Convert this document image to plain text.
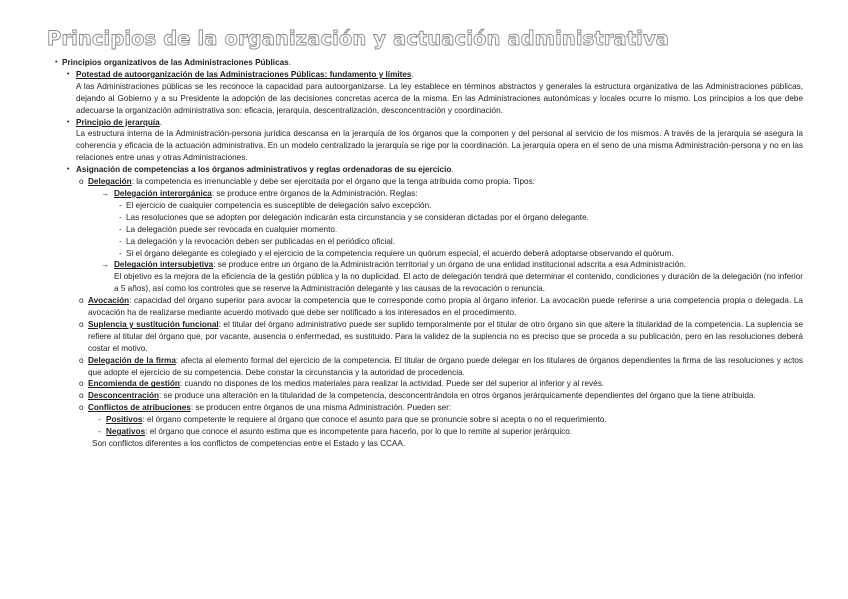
Principios de la organización y actuación administrativa
• Principios organizativos de las Administraciones Públicas.
• Potestad de autoorganización de las Administraciones Públicas: fundamento y límites.

A las Administraciones públicas se les reconoce la capacidad para autoorganizarse. La ley establece en términos abstractos y generales la estructura organizativa de las Administraciones públicas, dejando al Gobierno y a su Presidente la adopción de las decisiones concretas acerca de la misma. En las Administraciones autonómicas y locales ocurre lo mismo. Los principios a los que debe adecuarse la organización administrativa son: eficacia, jerarquía, descentralización, desconcentración y coordinación.

• Principio de jerarquía.

La estructura interna de la Administración-persona jurídica descansa en la jerarquía de los órganos que la componen y del personal al servicio de los mismos. A través de la jerarquía se asegura la coherencia y eficacia de la actuación administrativa. En un modelo centralizado la jerarquía se rige por la coordinación. La jerarquía opera en el seno de una misma Administración-persona y no en las relaciones entre unas y otras Administraciones.

• Asignación de competencias a los órganos administrativos y reglas ordenadoras de su ejercicio.
o Delegación: la competencia es irrenunciable y debe ser ejercitada por el órgano que la tenga atribuida como propia. Tipos:
→ Delegación interorgánica: se produce entre órganos de la Administración. Reglas:
- El ejercicio de cualquier competencia es susceptible de delegación salvo excepción.
- Las resoluciones que se adopten por delegación indicarán esta circunstancia y se consideran dictadas por el órgano delegante.
- La delegación puede ser revocada en cualquier momento.
- La delegación y la revocación deben ser publicadas en el periódico oficial.
- Si el órgano delegante es colegiado y el ejercicio de la competencia requiere un quórum especial, el acuerdo deberá adoptarse observando el quórum.
→ Delegación intersubjetiva: se produce entre un órgano de la Administración territorial y un órgano de una entidad institucional adscrita a esa Administración.

El objetivo es la mejora de la eficiencia de la gestión pública y la no duplicidad. El acto de delegación tendrá que determinar el contenido, condiciones y duración de la delegación (no inferior a 5 años), así como los controles que se reserve la Administración delegante y las causas de la revocación o renuncia.

o Avocación: capacidad del órgano superior para avocar la competencia que le corresponde como propia al órgano inferior. La avocación puede referirse a una competencia propia o delegada. La avocación ha de realizarse mediante acuerdo motivado que debe ser notificado a los interesados en el procedimiento.
o Suplencia y sustitución funcional: el titular del órgano administrativo puede ser suplido temporalmente por el titular de otro órgano sin que altere la titularidad de la competencia. La suplencia se refiere al titular del órgano que, por vacante, ausencia o enfermedad, es sustituido. Para la validez de la suplencia no es preciso que se proceda a su publicación, pero en las resoluciones deberá costar el motivo.
o Delegación de la firma: afecta al elemento formal del ejercicio de la competencia. El titular de órgano puede delegar en los titulares de órganos dependientes la firma de las resoluciones y actos que adopte el ejercicio de su competencia. Debe constar la circunstancia y la autoridad de procedencia.
o Encomienda de gestión: cuando no dispones de los medios materiales para realizar la actividad. Puede ser del superior al inferior y al revés.
o Desconcentración: se produce una alteración en la titularidad de la competencia, desconcentrándola en otros órganos jerárquicamente dependientes del órgano que la tiene atribuida.
o Conflictos de atribuciones: se producen entre órganos de una misma Administración. Pueden ser:
- Positivos: el órgano competente le requiere al órgano que conoce el asunto para que se pronuncie sobre si acepta o no el requerimiento.
- Negativos: el órgano que conoce el asunto estima que es incompetente para hacerlo, por lo que lo remite al superior jerárquico.

Son conflictos diferentes a los conflictos de competencias entre el Estado y las CCAA.
